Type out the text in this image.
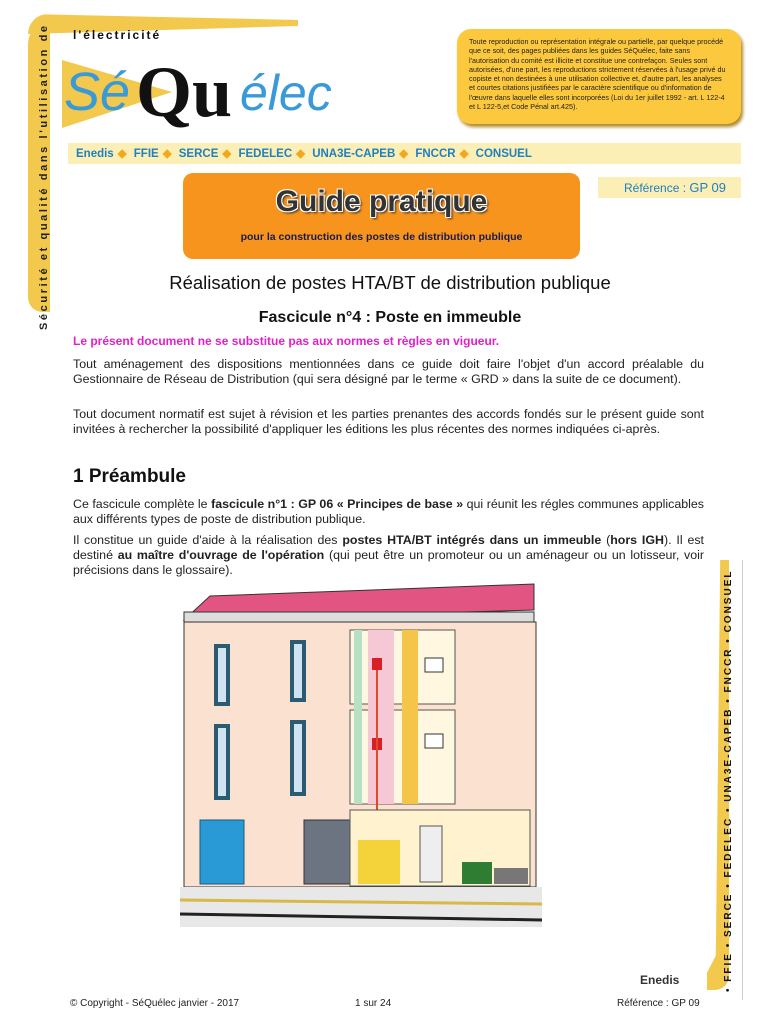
Sécurité et qualité dans l'utilisation de l'électricité
Sé Qu élec
Toute reproduction ou représentation intégrale ou partielle, par quelque procédé que ce soit, des pages publiées dans les guides SéQuélec, faite sans l'autorisation du comité est illicite et constitue une contrefaçon. Seules sont autorisées, d'une part, les reproductions strictement réservées à l'usage privé du copiste et non destinées à une utilisation collective et, d'autre part, les analyses et courtes citations justifiées par le caractère scientifique ou d'information de l'œuvre dans laquelle elles sont incorporées (Loi du 1er juillet 1992 - art. L 122-4 et L 122-5,et Code Pénal art.425).
Enedis ◆ FFIE ◆ SERCE ◆ FEDELEC ◆ UNA3E-CAPEB ◆ FNCCR ◆ CONSUEL
Guide pratique
pour la construction des postes de distribution publique
Référence : GP 09
Réalisation de postes HTA/BT de distribution publique
Fascicule n°4 : Poste en immeuble
Le présent document ne se substitue pas aux normes et règles en vigueur.
Tout aménagement des dispositions mentionnées dans ce guide doit faire l'objet d'un accord préalable du Gestionnaire de Réseau de Distribution (qui sera désigné par le terme « GRD » dans la suite de ce document).
Tout document normatif est sujet à révision et les parties prenantes des accords fondés sur le présent guide sont invitées à rechercher la possibilité d'appliquer les éditions les plus récentes des normes indiquées ci-après.
1 Préambule
Ce fascicule complète le fascicule n°1 : GP 06 « Principes de base » qui réunit les régles communes applicables aux différents types de poste de distribution publique.
Il constitue un guide d'aide à la réalisation des postes HTA/BT intégrés dans un immeuble (hors IGH). Il est destiné au maître d'ouvrage de l'opération (qui peut être un promoteur ou un aménageur ou un lotisseur, voir précisions dans le glossaire).	• FFIE • SERCE • FEDELEC • UNA3E-CAPEB • FNCCR • CONSUEL
Enedis
© Copyright - SéQuélec janvier - 2017	1 sur 24	Référence : GP 09
